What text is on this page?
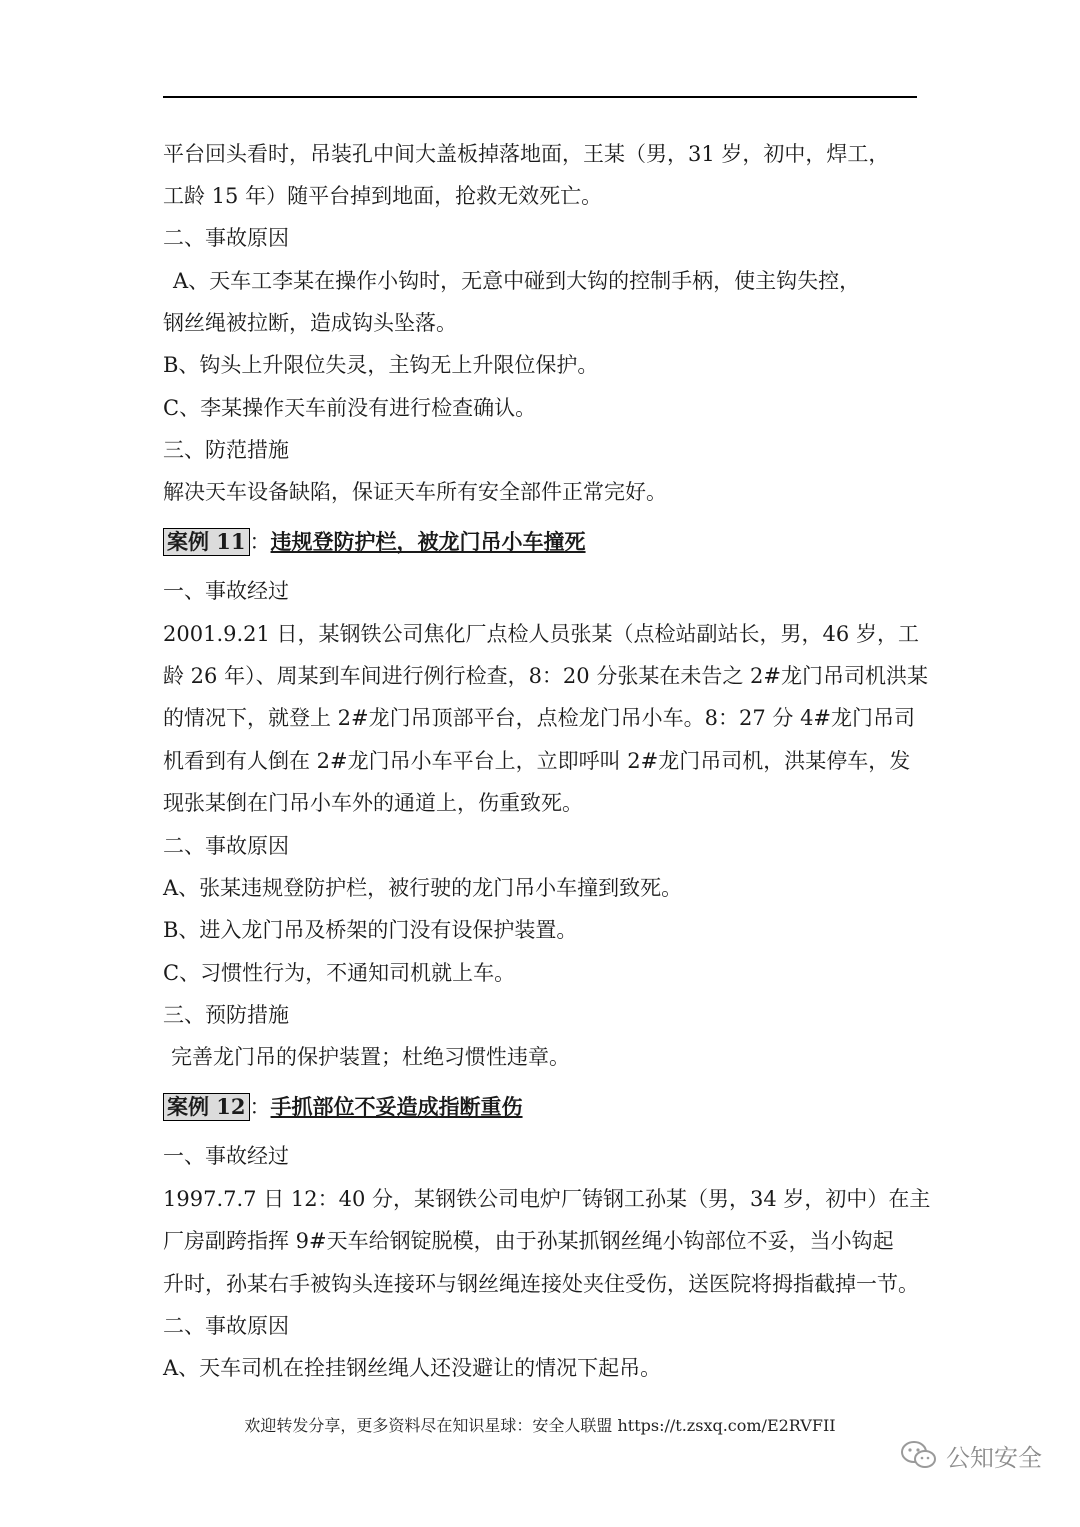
平台回头看时，吊装孔中间大盖板掉落地面，王某（男，31 岁，初中，焊工，
工龄 15 年）随平台掉到地面，抢救无效死亡。
二、事故原因
A、天车工李某在操作小钩时，无意中碰到大钩的控制手柄，使主钩失控，
钢丝绳被拉断，造成钩头坠落。
B、钩头上升限位失灵，主钩无上升限位保护。
C、李某操作天车前没有进行检查确认。
三、防范措施
解决天车设备缺陷，保证天车所有安全部件正常完好。
案例 11 ：违规登防护栏，被龙门吊小车撞死
一、事故经过
2001.9.21 日，某钢铁公司焦化厂点检人员张某（点检站副站长，男，46 岁，工
龄 26 年）、周某到车间进行例行检查，8：20 分张某在未告之 2#龙门吊司机洪某
的情况下，就登上 2#龙门吊顶部平台，点检龙门吊小车。8：27 分 4#龙门吊司
机看到有人倒在 2#龙门吊小车平台上，立即呼叫 2#龙门吊司机，洪某停车，发
现张某倒在门吊小车外的通道上，伤重致死。
二、事故原因
A、张某违规登防护栏，被行驶的龙门吊小车撞到致死。
B、进入龙门吊及桥架的门没有设保护装置。
C、习惯性行为，不通知司机就上车。
三、预防措施
完善龙门吊的保护装置；杜绝习惯性违章。
案例 12 ：手抓部位不妥造成指断重伤
一、事故经过
1997.7.7 日 12：40 分，某钢铁公司电炉厂铸钢工孙某（男，34 岁，初中）在主
厂房副跨指挥 9#天车给钢锭脱模，由于孙某抓钢丝绳小钩部位不妥，当小钩起
升时，孙某右手被钩头连接环与钢丝绳连接处夹住受伤，送医院将拇指截掉一节。
二、事故原因
A、天车司机在拴挂钢丝绳人还没避让的情况下起吊。
欢迎转发分享，更多资料尽在知识星球：安全人联盟 https://t.zsxq.com/E2RVFII
公知安全
